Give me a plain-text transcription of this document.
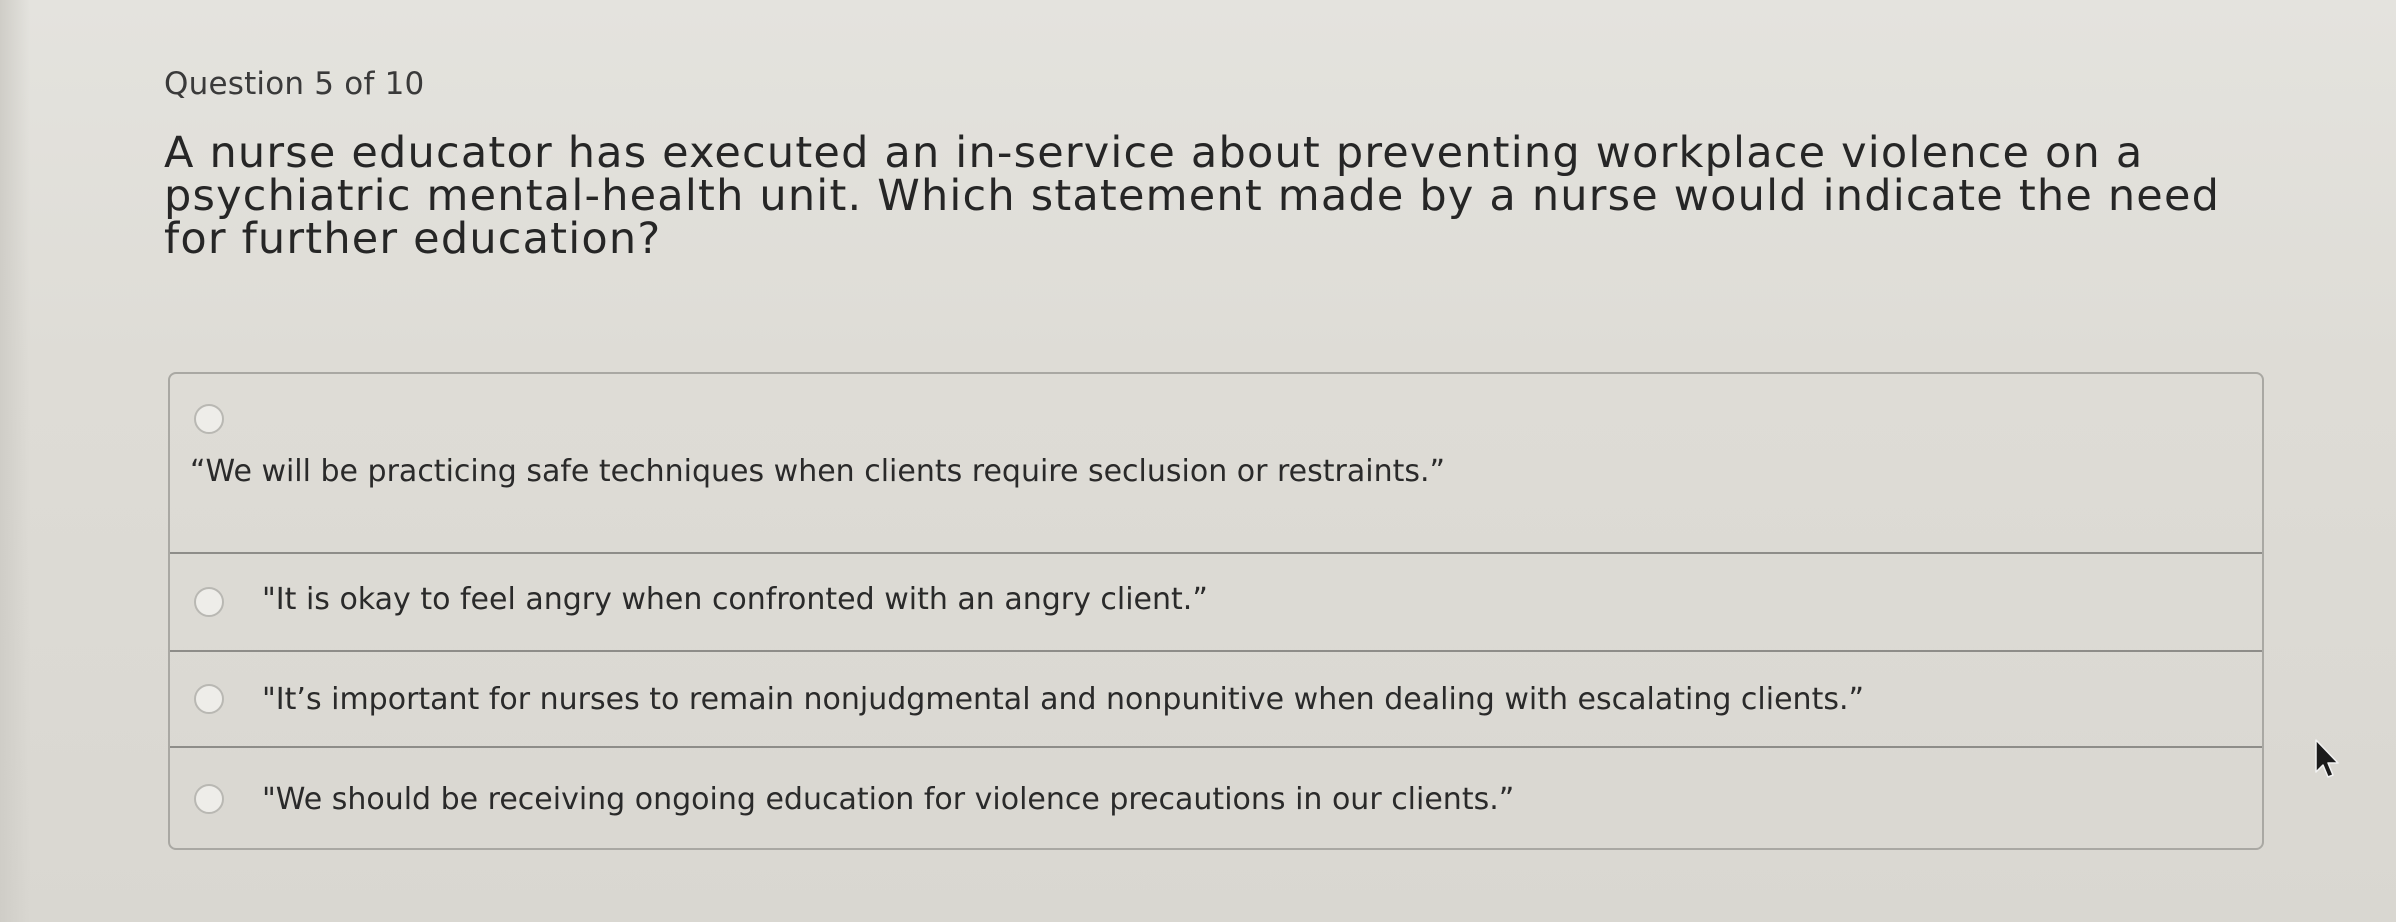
Question 5 of 10
A nurse educator has executed an in-service about preventing workplace violence on a psychiatric mental-health unit. Which statement made by a nurse would indicate the need for further education?
“We will be practicing safe techniques when clients require seclusion or restraints.”
"It is okay to feel angry when confronted with an angry client.”
"It’s important for nurses to remain nonjudgmental and nonpunitive when dealing with escalating clients.”
"We should be receiving ongoing education for violence precautions in our clients.”
